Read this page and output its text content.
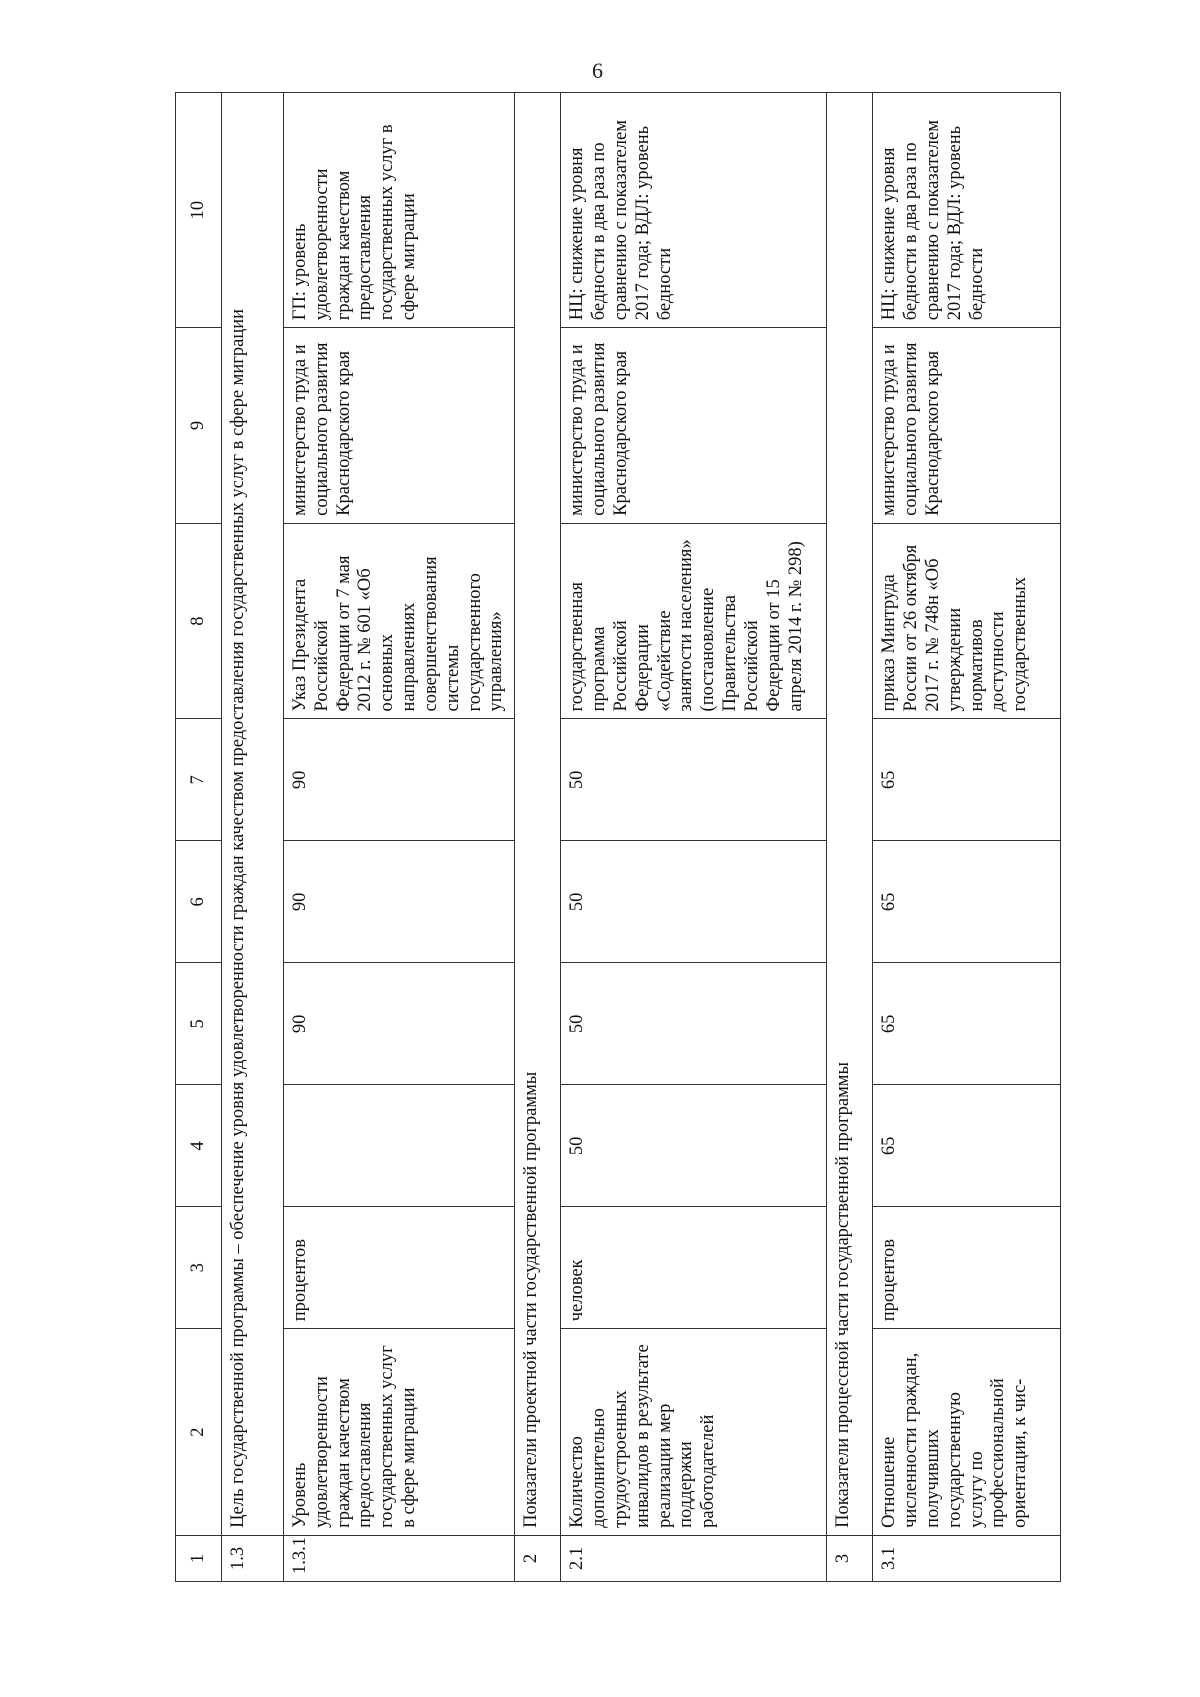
6
1	2	3	4	5	6	7	8	9	10
1.3	Цель государственной программы – обеспечение уровня удовлетворенности граждан качеством предоставления государственных услуг в сфере миграции								
1.3.1	Уровень удовлетворенности граждан качеством предоставления государственных услуг в сфере миграции	процентов		90	90	90	Указ Президента Российской Федерации от 7 мая 2012 г. № 601 «Об основных направлениях совершенствования системы государственного управления»	министерство труда и социального развития Краснодарского края	ГП: уровень удовлетворенности граждан качеством предоставления государственных услуг в сфере миграции
2	Показатели проектной части государственной программы								
2.1	Количество дополнительно трудоустроенных инвалидов в результате реализации мер поддержки работодателей	человек	50	50	50	50	государственная программа Российской Федерации «Содействие занятости населения» (постановление Правительства Российской Федерации от 15 апреля 2014 г. № 298)	министерство труда и социального развития Краснодарского края	НЦ: снижение уровня бедности в два раза по сравнению с показателем 2017 года; ВДЛ: уровень бедности
3	Показатели процессной части государственной программы								
3.1	Отношение численности граждан, получивших государственную услугу по профессиональной ориентации, к чис-	процентов	65	65	65	65	приказ Минтруда России от 26 октября 2017 г. № 748н «Об утверждении нормативов доступности государственных	министерство труда и социального развития Краснодарского края	НЦ: снижение уровня бедности в два раза по сравнению с показателем 2017 года; ВДЛ: уровень бедности
